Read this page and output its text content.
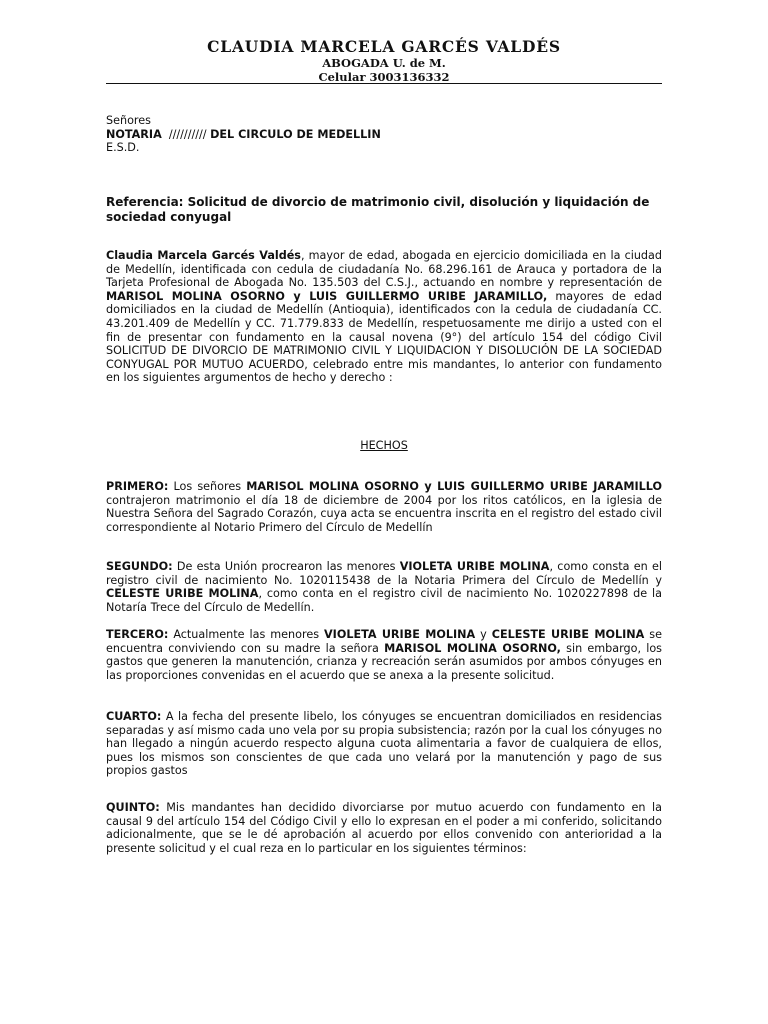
CLAUDIA MARCELA GARCÉS VALDÉS
ABOGADA U. de M.
Celular 3003136332
Señores
NOTARIA ////////// DEL CIRCULO DE MEDELLIN
E.S.D.
Referencia: Solicitud de divorcio de matrimonio civil, disolución y liquidación de sociedad conyugal

Claudia Marcela Garcés Valdés, mayor de edad, abogada en ejercicio domiciliada en la ciudad de Medellín, identificada con cedula de ciudadanía No. 68.296.161 de Arauca y portadora de la Tarjeta Profesional de Abogada No. 135.503 del C.S.J., actuando en nombre y representación de MARISOL MOLINA OSORNO y LUIS GUILLERMO URIBE JARAMILLO, mayores de edad domiciliados en la ciudad de Medellín (Antioquia), identificados con la cedula de ciudadanía CC. 43.201.409 de Medellín y CC. 71.779.833 de Medellín, respetuosamente me dirijo a usted con el fin de presentar con fundamento en la causal novena (9°) del artículo 154 del código Civil SOLICITUD DE DIVORCIO DE MATRIMONIO CIVIL Y LIQUIDACION Y DISOLUCIÓN DE LA SOCIEDAD CONYUGAL POR MUTUO ACUERDO, celebrado entre mis mandantes, lo anterior con fundamento en los siguientes argumentos de hecho y derecho :

HECHOS

PRIMERO: Los señores MARISOL MOLINA OSORNO y LUIS GUILLERMO URIBE JARAMILLO contrajeron matrimonio el día 18 de diciembre de 2004 por los ritos católicos, en la iglesia de Nuestra Señora del Sagrado Corazón, cuya acta se encuentra inscrita en el registro del estado civil correspondiente al Notario Primero del Círculo de Medellín

SEGUNDO: De esta Unión procrearon las menores VIOLETA URIBE MOLINA, como consta en el registro civil de nacimiento No. 1020115438 de la Notaria Primera del Círculo de Medellín y CELESTE URIBE MOLINA, como conta en el registro civil de nacimiento No. 1020227898 de la Notaría Trece del Círculo de Medellín.

TERCERO: Actualmente las menores VIOLETA URIBE MOLINA y CELESTE URIBE MOLINA se encuentra conviviendo con su madre la señora MARISOL MOLINA OSORNO, sin embargo, los gastos que generen la manutención, crianza y recreación serán asumidos por ambos cónyuges en las proporciones convenidas en el acuerdo que se anexa a la presente solicitud.

CUARTO: A la fecha del presente libelo, los cónyuges se encuentran domiciliados en residencias separadas y así mismo cada uno vela por su propia subsistencia; razón por la cual los cónyuges no han llegado a ningún acuerdo respecto alguna cuota alimentaria a favor de cualquiera de ellos, pues los mismos son conscientes de que cada uno velará por la manutención y pago de sus propios gastos

QUINTO: Mis mandantes han decidido divorciarse por mutuo acuerdo con fundamento en la causal 9 del artículo 154 del Código Civil y ello lo expresan en el poder a mi conferido, solicitando adicionalmente, que se le dé aprobación al acuerdo por ellos convenido con anterioridad a la presente solicitud y el cual reza en lo particular en los siguientes términos:
